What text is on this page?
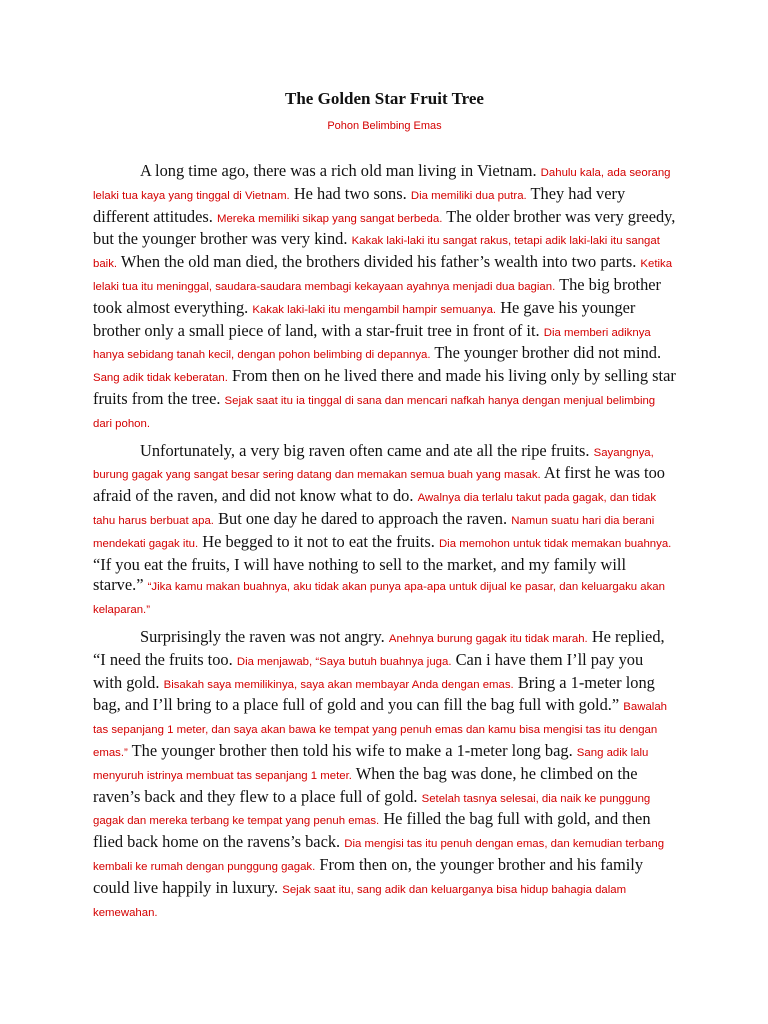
The Golden Star Fruit Tree

Pohon Belimbing Emas

A long time ago, there was a rich old man living in Vietnam. Dahulu kala, ada seorang lelaki tua kaya yang tinggal di Vietnam. He had two sons. Dia memiliki dua putra. They had very different attitudes. Mereka memiliki sikap yang sangat berbeda. The older brother was very greedy, but the younger brother was very kind. Kakak laki-laki itu sangat rakus, tetapi adik laki-laki itu sangat baik. When the old man died, the brothers divided his father’s wealth into two parts. Ketika lelaki tua itu meninggal, saudara-saudara membagi kekayaan ayahnya menjadi dua bagian. The big brother took almost everything. Kakak laki-laki itu mengambil hampir semuanya. He gave his younger brother only a small piece of land, with a star-fruit tree in front of it. Dia memberi adiknya hanya sebidang tanah kecil, dengan pohon belimbing di depannya. The younger brother did not mind. Sang adik tidak keberatan. From then on he lived there and made his living only by selling star fruits from the tree. Sejak saat itu ia tinggal di sana dan mencari nafkah hanya dengan menjual belimbing dari pohon.

Unfortunately, a very big raven often came and ate all the ripe fruits. Sayangnya, burung gagak yang sangat besar sering datang dan memakan semua buah yang masak. At first he was too afraid of the raven, and did not know what to do. Awalnya dia terlalu takut pada gagak, dan tidak tahu harus berbuat apa. But one day he dared to approach the raven. Namun suatu hari dia berani mendekati gagak itu. He begged to it not to eat the fruits. Dia memohon untuk tidak memakan buahnya. “If you eat the fruits, I will have nothing to sell to the market, and my family will starve.” “Jika kamu makan buahnya, aku tidak akan punya apa-apa untuk dijual ke pasar, dan keluargaku akan kelaparan.”

Surprisingly the raven was not angry. Anehnya burung gagak itu tidak marah. He replied, “I need the fruits too. Dia menjawab, “Saya butuh buahnya juga. Can i have them I’ll pay you with gold. Bisakah saya memilikinya, saya akan membayar Anda dengan emas. Bring a 1-meter long bag, and I’ll bring to a place full of gold and you can fill the bag full with gold.” Bawalah tas sepanjang 1 meter, dan saya akan bawa ke tempat yang penuh emas dan kamu bisa mengisi tas itu dengan emas.” The younger brother then told his wife to make a 1-meter long bag. Sang adik lalu menyuruh istrinya membuat tas sepanjang 1 meter. When the bag was done, he climbed on the raven’s back and they flew to a place full of gold. Setelah tasnya selesai, dia naik ke punggung gagak dan mereka terbang ke tempat yang penuh emas. He filled the bag full with gold, and then flied back home on the ravens’s back. Dia mengisi tas itu penuh dengan emas, dan kemudian terbang kembali ke rumah dengan punggung gagak. From then on, the younger brother and his family could live happily in luxury. Sejak saat itu, sang adik dan keluarganya bisa hidup bahagia dalam kemewahan.
